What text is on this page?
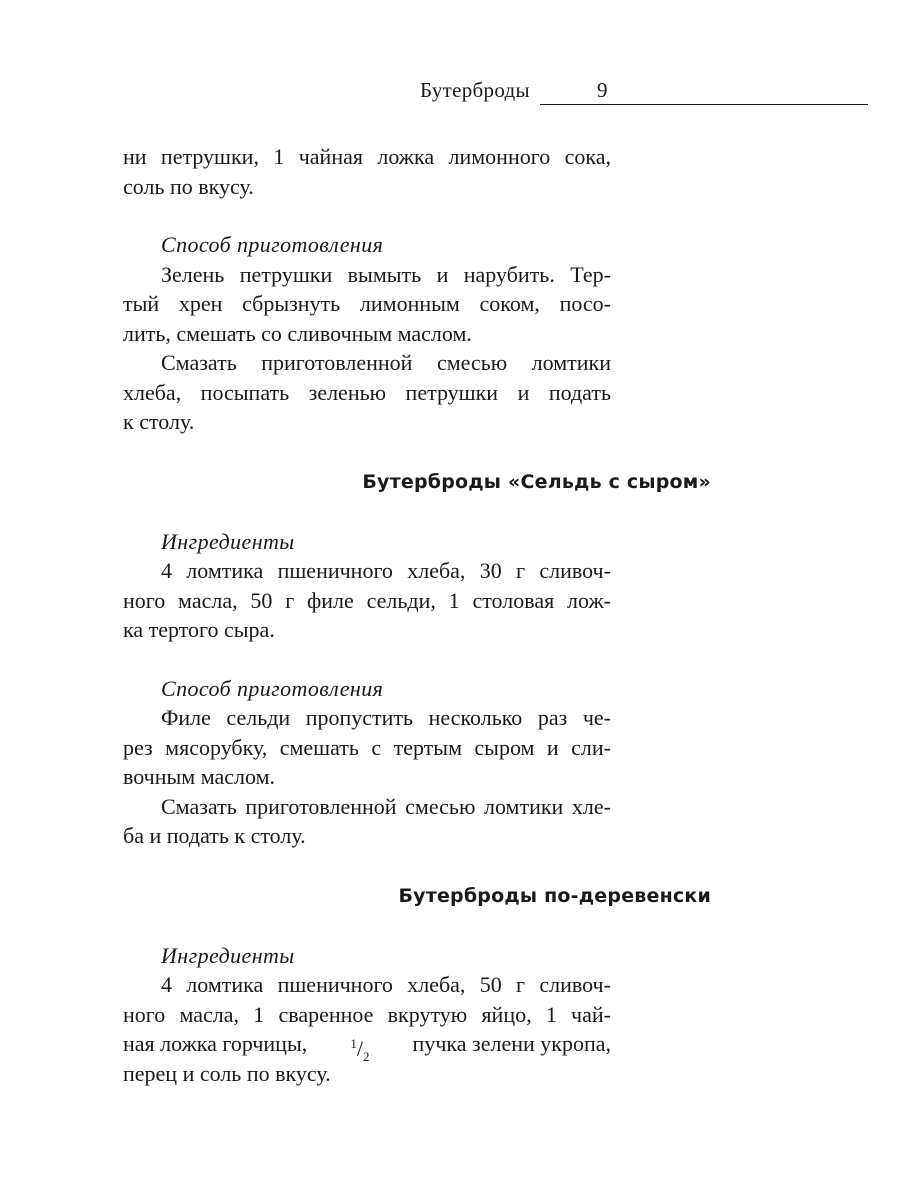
Бутерброды	9
ни петрушки, 1 чайная ложка лимонного сока,
соль по вкусу.
Способ приготовления
Зелень петрушки вымыть и нарубить. Тер-
тый хрен сбрызнуть лимонным соком, посо-
лить, смешать со сливочным маслом.
Смазать приготовленной смесью ломтики
хлеба, посыпать зеленью петрушки и подать
к столу.
Бутерброды «Сельдь с сыром»
Ингредиенты
4 ломтика пшеничного хлеба, 30 г сливоч-
ного масла, 50 г филе сельди, 1 столовая лож-
ка тертого сыра.
Способ приготовления
Филе сельди пропустить несколько раз че-
рез мясорубку, смешать с тертым сыром и сли-
вочным маслом.
Смазать приготовленной смесью ломтики хле-
ба и подать к столу.
Бутерброды по-деревенски
Ингредиенты
4 ломтика пшеничного хлеба, 50 г сливоч-
ного масла, 1 сваренное вкрутую яйцо, 1 чай-
ная ложка горчицы,	$^1/_2$
пучка зелени укропа,
перец и соль по вкусу.
